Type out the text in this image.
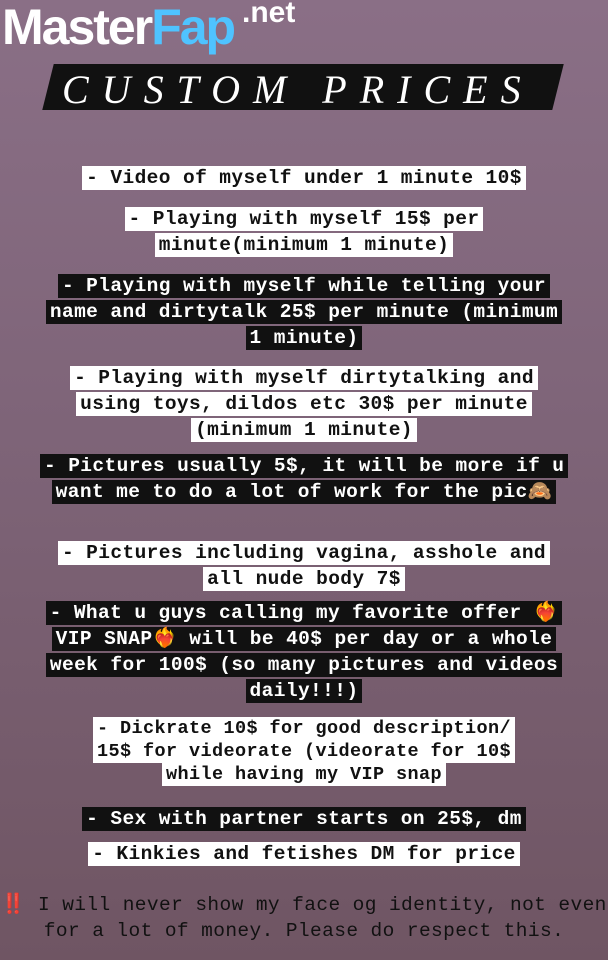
MasterFap .net
CUSTOM PRICES
- Video of myself under 1 minute 10$
- Playing with myself 15$ per minute(minimum 1 minute)
- Playing with myself while telling your name and dirtytalk 25$ per minute (minimum 1 minute)
- Playing with myself dirtytalking and using toys, dildos etc 30$ per minute (minimum 1 minute)
- Pictures usually 5$, it will be more if u want me to do a lot of work for the pic🙈
- Pictures including vagina, asshole and all nude body 7$
- What u guys calling my favorite offer ❤️‍🔥VIP SNAP❤️‍🔥 will be 40$ per day or a whole week for 100$ (so many pictures and videos daily!!!)
- Dickrate 10$ for good description/ 15$ for videorate (videorate for 10$ while having my VIP snap
- Sex with partner starts on 25$, dm
- Kinkies and fetishes DM for price
‼️ I will never show my face og identity, not even for a lot of money. Please do respect this.
